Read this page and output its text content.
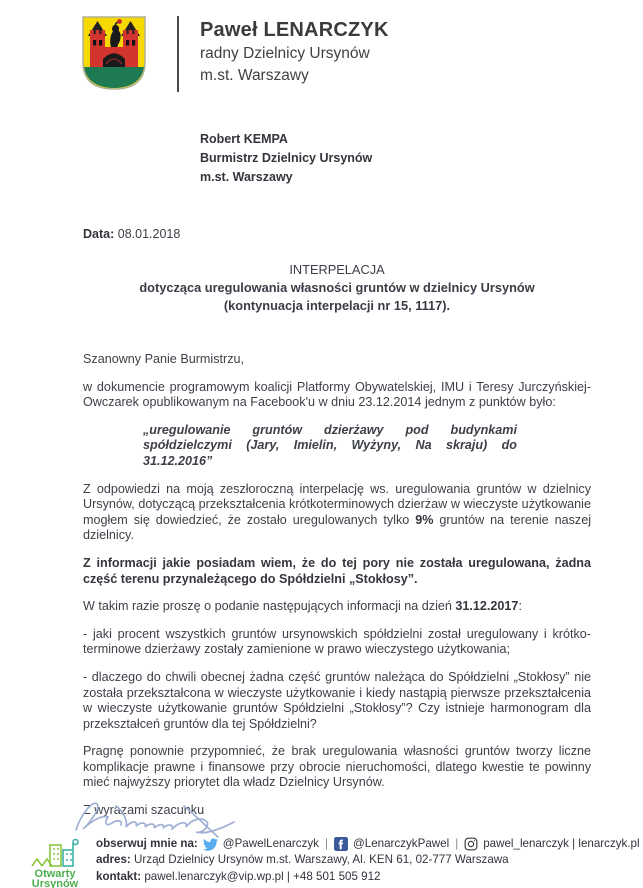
Paweł LENARCZYK
radny Dzielnicy Ursynów
m.st. Warszawy
Robert KEMPA
Burmistrz Dzielnicy Ursynów
m.st. Warszawy
Data: 08.01.2018
INTERPELACJA
dotycząca uregulowania własności gruntów w dzielnicy Ursynów
(kontynuacja interpelacji nr 15, 1117).

Szanowny Panie Burmistrzu,

w dokumencie programowym koalicji Platformy Obywatelskiej, IMU i Teresy Jurczyńskiej-Owczarek opublikowanym na Facebook'u w dniu 23.12.2014 jednym z punktów było:

„uregulowanie gruntów dzierżawy pod budynkami spółdzielczymi (Jary, Imielin, Wyżyny, Na skraju) do 31.12.2016”

Z odpowiedzi na moją zeszłoroczną interpelację ws. uregulowania gruntów w dzielnicy Ursynów, dotyczącą przekształcenia krótkoterminowych dzierżaw w wieczyste użytkowanie mogłem się dowiedzieć, że zostało uregulowanych tylko 9% gruntów na terenie naszej dzielnicy.

Z informacji jakie posiadam wiem, że do tej pory nie została uregulowana, żadna część terenu przynależącego do Spółdzielni „Stokłosy”.

W takim razie proszę o podanie następujących informacji na dzień 31.12.2017:

- jaki procent wszystkich gruntów ursynowskich spółdzielni został uregulowany i krótko-terminowe dzierżawy zostały zamienione w prawo wieczystego użytkowania;

- dlaczego do chwili obecnej żadna część gruntów należąca do Spółdzielni „Stokłosy” nie została przekształcona w wieczyste użytkowanie i kiedy nastąpią pierwsze przekształcenia w wieczyste użytkowanie gruntów Spółdzielni „Stokłosy”? Czy istnieje harmonogram dla przekształceń gruntów dla tej Spółdzielni?

Pragnę ponownie przypomnieć, że brak uregulowania własności gruntów tworzy liczne komplikacje prawne i finansowe przy obrocie nieruchomości, dlatego kwestie te powinny mieć najwyższy priorytet dla władz Dzielnicy Ursynów.

Z wyrazami szacunku

Otwarty
Ursynów
obserwuj mnie na: @PawelLenarczyk | @LenarczykPawel | pawel_lenarczyk | lenarczyk.pl
adres: Urząd Dzielnicy Ursynów m.st. Warszawy, Al. KEN 61, 02-777 Warszawa
kontakt: pawel.lenarczyk@vip.wp.pl | +48 501 505 912
